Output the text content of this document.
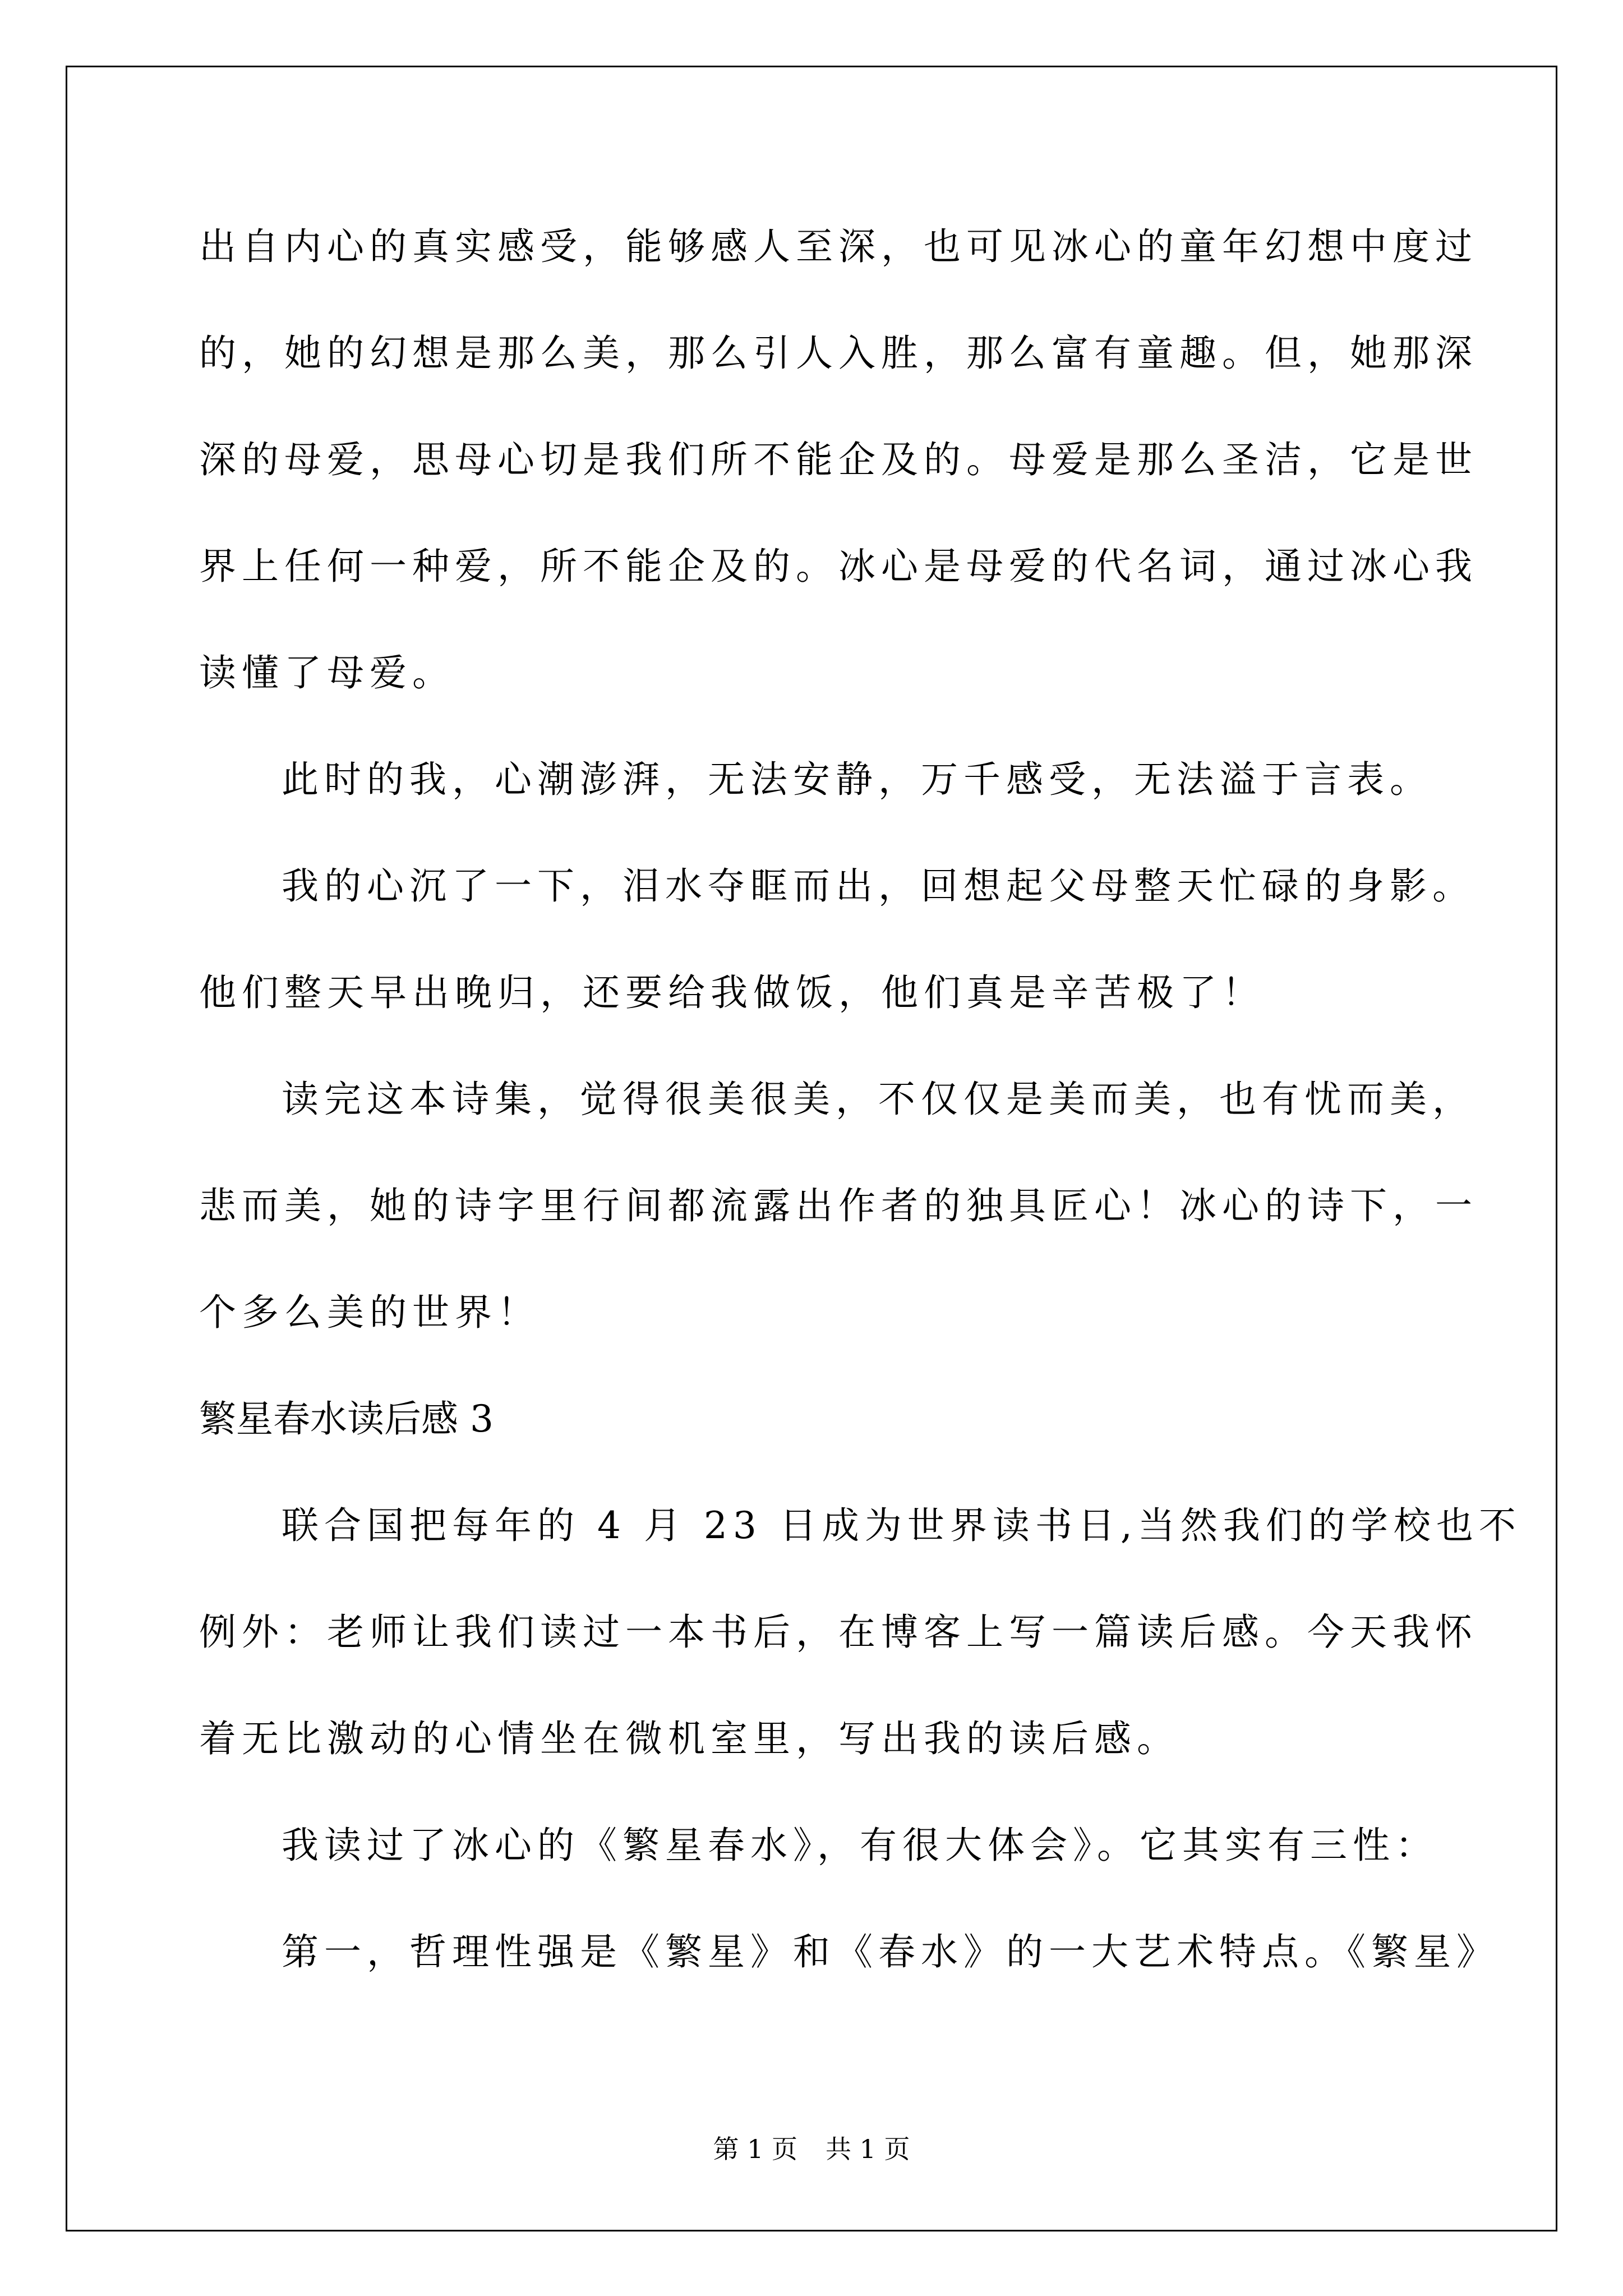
出自内心的真实感受，能够感人至深，也可见冰心的童年幻想中度过
的，她的幻想是那么美，那么引人入胜，那么富有童趣。但，她那深
深的母爱，思母心切是我们所不能企及的。母爱是那么圣洁，它是世
界上任何一种爱，所不能企及的。冰心是母爱的代名词，通过冰心我
读懂了母爱。
此时的我，心潮澎湃，无法安静，万千感受，无法溢于言表。
我的心沉了一下，泪水夺眶而出，回想起父母整天忙碌的身影。
他们整天早出晚归，还要给我做饭，他们真是辛苦极了！
读完这本诗集，觉得很美很美，不仅仅是美而美，也有忧而美，
悲而美，她的诗字里行间都流露出作者的独具匠心！冰心的诗下，一
个多么美的世界！
繁星春水读后感 3
联合国把每年的 4 月 23 日成为世界读书日,当然我们的学校也不
例外：老师让我们读过一本书后，在博客上写一篇读后感。今天我怀
着无比激动的心情坐在微机室里，写出我的读后感。
我读过了冰心的《繁星春水》，有很大体会》。它其实有三性：
第一，哲理性强是《繁星》和《春水》的一大艺术特点。《繁星》
第 1 页 共 1 页
